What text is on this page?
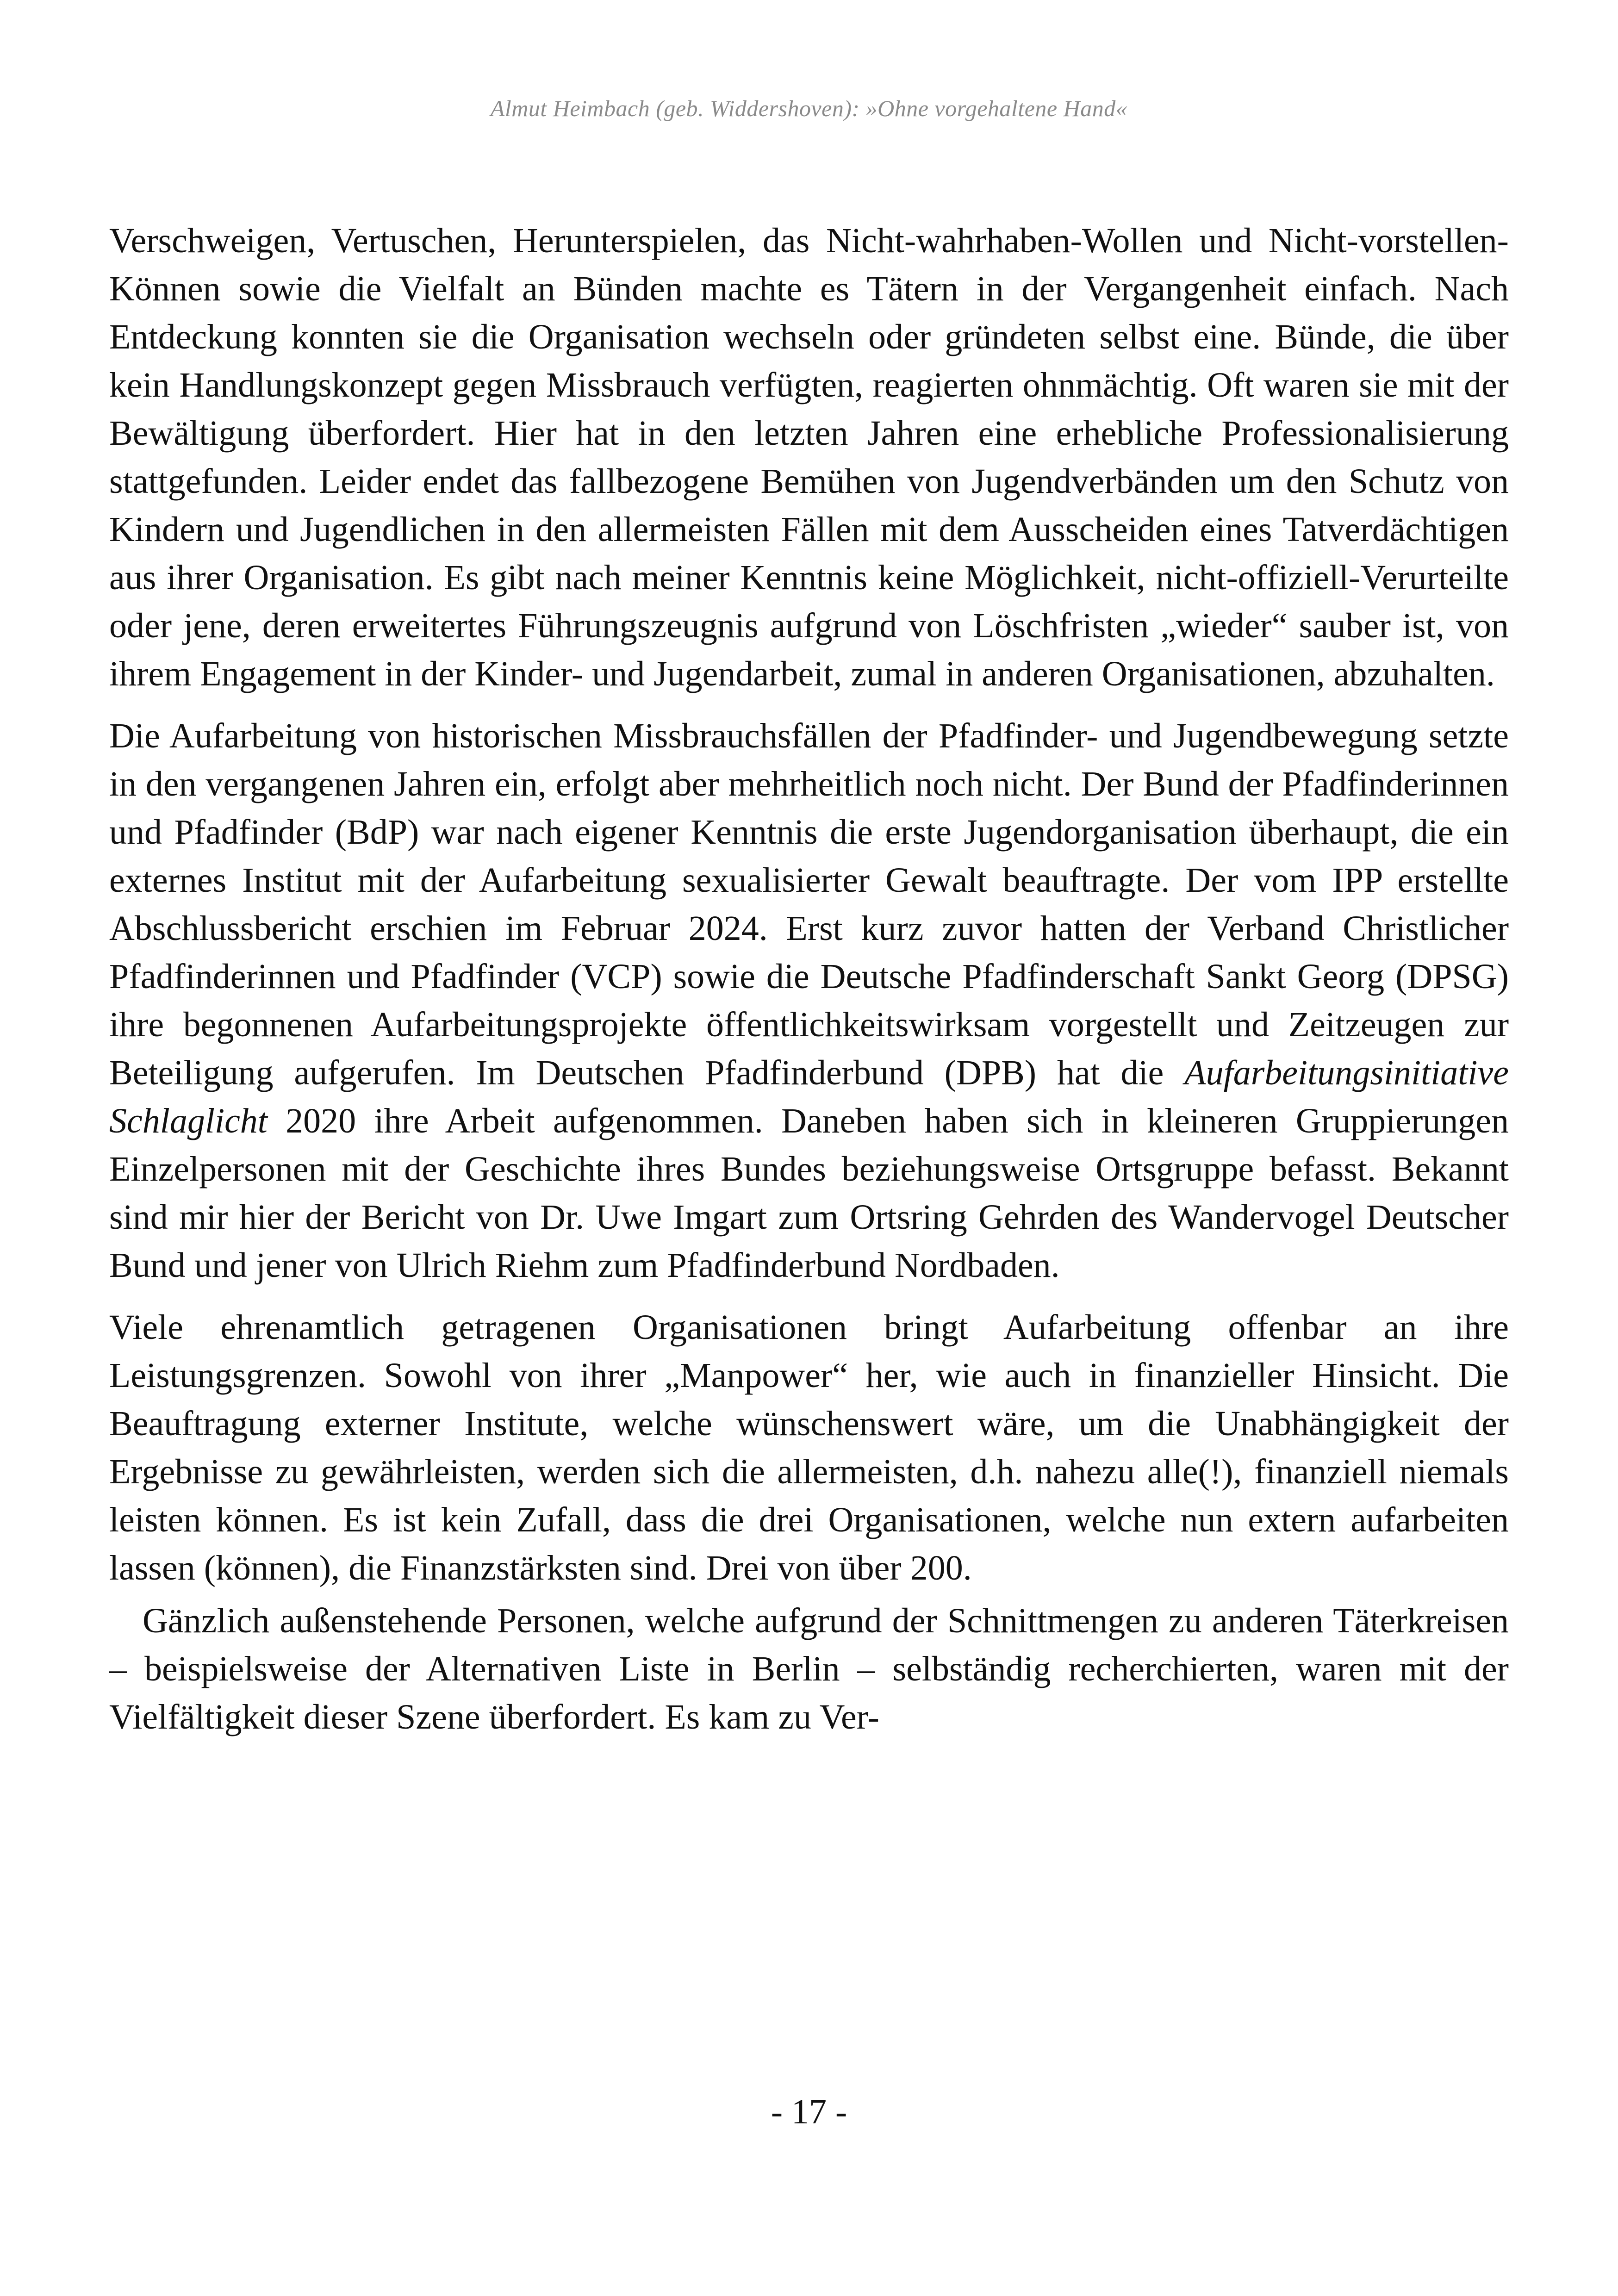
Almut Heimbach (geb. Widdershoven): »Ohne vorgehaltene Hand«

Verschweigen, Vertuschen, Herunterspielen, das Nicht-wahrhaben-Wollen und Nicht-vorstellen-Können sowie die Vielfalt an Bünden machte es Tätern in der Vergangenheit einfach. Nach Entdeckung konnten sie die Organisation wechseln oder gründeten selbst eine. Bünde, die über kein Handlungskonzept gegen Missbrauch verfügten, reagierten ohnmächtig. Oft waren sie mit der Bewältigung überfordert. Hier hat in den letzten Jahren eine erhebliche Professionalisierung stattgefunden. Leider endet das fallbezogene Bemühen von Jugendverbänden um den Schutz von Kindern und Jugendlichen in den allermeisten Fällen mit dem Ausscheiden eines Tatverdächtigen aus ihrer Organisation. Es gibt nach meiner Kenntnis keine Möglichkeit, nicht-offiziell-Verurteilte oder jene, deren erweitertes Führungszeugnis aufgrund von Löschfristen „wieder“ sauber ist, von ihrem Engagement in der Kinder- und Jugendarbeit, zumal in anderen Organisationen, abzuhalten.

Die Aufarbeitung von historischen Missbrauchsfällen der Pfadfinder- und Jugendbewegung setzte in den vergangenen Jahren ein, erfolgt aber mehrheitlich noch nicht. Der Bund der Pfadfinderinnen und Pfadfinder (BdP) war nach eigener Kenntnis die erste Jugendorganisation überhaupt, die ein externes Institut mit der Aufarbeitung sexualisierter Gewalt beauftragte. Der vom IPP erstellte Abschlussbericht erschien im Februar 2024. Erst kurz zuvor hatten der Verband Christlicher Pfadfinderinnen und Pfadfinder (VCP) sowie die Deutsche Pfadfinderschaft Sankt Georg (DPSG) ihre begonnenen Aufarbeitungsprojekte öffentlichkeitswirksam vorgestellt und Zeitzeugen zur Beteiligung aufgerufen. Im Deutschen Pfadfinderbund (DPB) hat die Aufarbeitungsinitiative Schlaglicht 2020 ihre Arbeit aufgenommen. Daneben haben sich in kleineren Gruppierungen Einzelpersonen mit der Geschichte ihres Bundes beziehungsweise Ortsgruppe befasst. Bekannt sind mir hier der Bericht von Dr. Uwe Imgart zum Ortsring Gehrden des Wandervogel Deutscher Bund und jener von Ulrich Riehm zum Pfadfinderbund Nordbaden.

Viele ehrenamtlich getragenen Organisationen bringt Aufarbeitung offenbar an ihre Leistungsgrenzen. Sowohl von ihrer „Manpower“ her, wie auch in finanzieller Hinsicht. Die Beauftragung externer Institute, welche wünschenswert wäre, um die Unabhängigkeit der Ergebnisse zu gewährleisten, werden sich die allermeisten, d.h. nahezu alle(!), finanziell niemals leisten können. Es ist kein Zufall, dass die drei Organisationen, welche nun extern aufarbeiten lassen (können), die Finanzstärksten sind. Drei von über 200.

Gänzlich außenstehende Personen, welche aufgrund der Schnittmengen zu anderen Täterkreisen – beispielsweise der Alternativen Liste in Berlin – selbständig recherchierten, waren mit der Vielfältigkeit dieser Szene überfordert. Es kam zu Ver-

- 17 -
